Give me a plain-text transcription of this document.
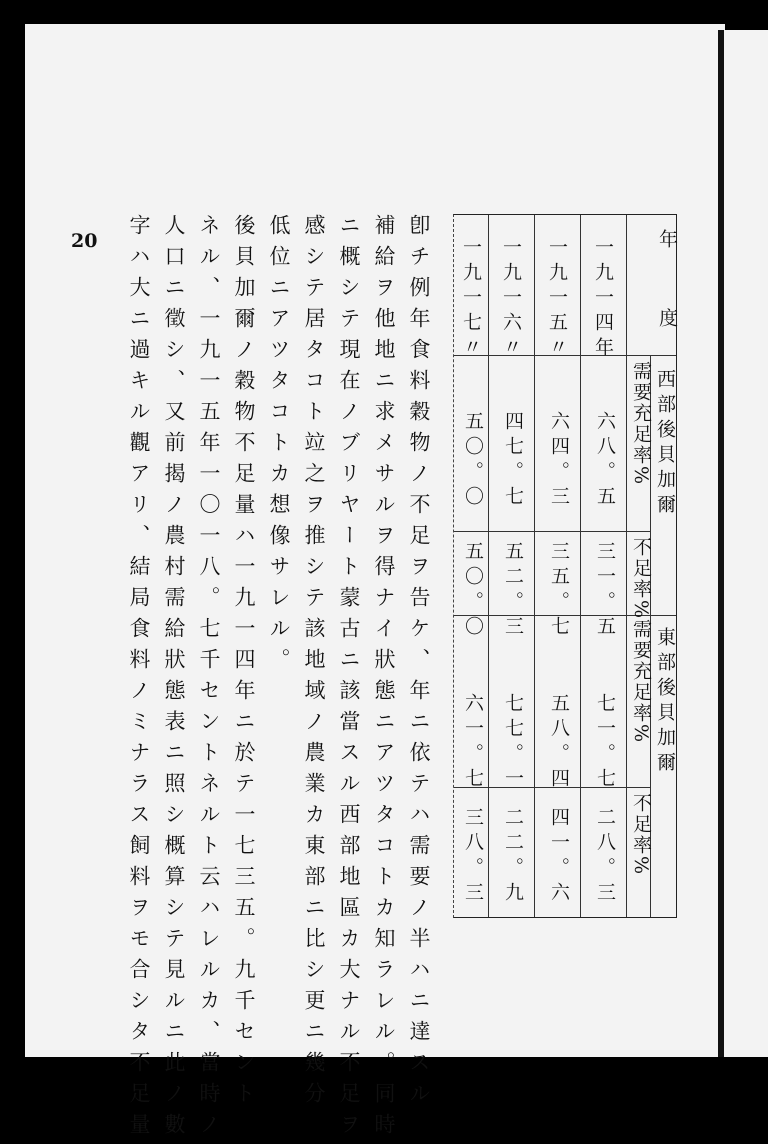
20	卽チ例年食料穀物ノ不足ヲ告ケ、年ニ依テハ需要ノ半ハニ達スル
補給ヲ他地ニ求メサルヲ得ナイ狀態ニアツタコトカ知ラレル。同時
ニ概シテ現在ノブリヤート蒙古ニ該當スル西部地區カ大ナル不足ヲ
感シテ居タコト竝之ヲ推シテ該地域ノ農業カ東部ニ比シ更ニ幾分
低位ニアツタコトカ想像サレル。
後貝加爾ノ穀物不足量ハ一九一四年ニ於テ一七三五。九千セント
ネル、一九一五年一〇一八。七千セントネルト云ハレルカ、當時ノ
人口ニ徵シ、又前揭ノ農村需給狀態表ニ照シ概算シテ見ルニ此ノ數
字ハ大ニ過キル觀アリ、結局食料ノミナラス飼料ヲモ合シタ不足量	年度
西部後貝加爾
東部後貝加爾
需要充足率%
不足率%
需要充足率%
不足率%
一九一四年
一九一五〃
一九一六〃
一九一七〃
六八。五
六四。三
四七。七
五〇。〇
三一。五
三五。七
五二。三
五〇。〇
七一。七
五八。四
七七。一
六一。七
二八。三
四一。六
二二。九
三八。三
